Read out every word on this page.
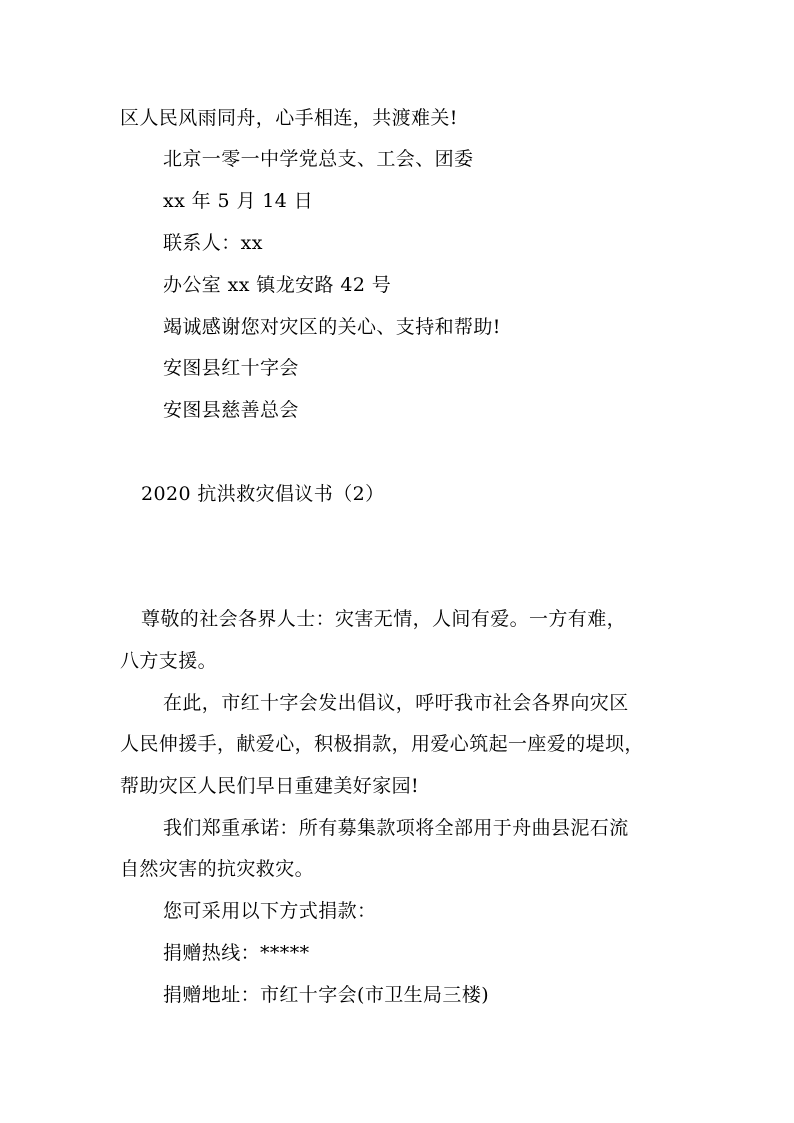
区人民风雨同舟，心手相连，共渡难关!
北京一零一中学党总支、工会、团委
xx 年 5 月 14 日
联系人：xx
办公室 xx 镇龙安路 42 号
竭诚感谢您对灾区的关心、支持和帮助!
安图县红十字会
安图县慈善总会
2020 抗洪救灾倡议书（2）
尊敬的社会各界人士：灾害无情，人间有爱。一方有难，
八方支援。
在此，市红十字会发出倡议，呼吁我市社会各界向灾区
人民伸援手，献爱心，积极捐款，用爱心筑起一座爱的堤坝，
帮助灾区人民们早日重建美好家园!
我们郑重承诺：所有募集款项将全部用于舟曲县泥石流
自然灾害的抗灾救灾。
您可采用以下方式捐款：
捐赠热线：*****
捐赠地址：市红十字会(市卫生局三楼)
